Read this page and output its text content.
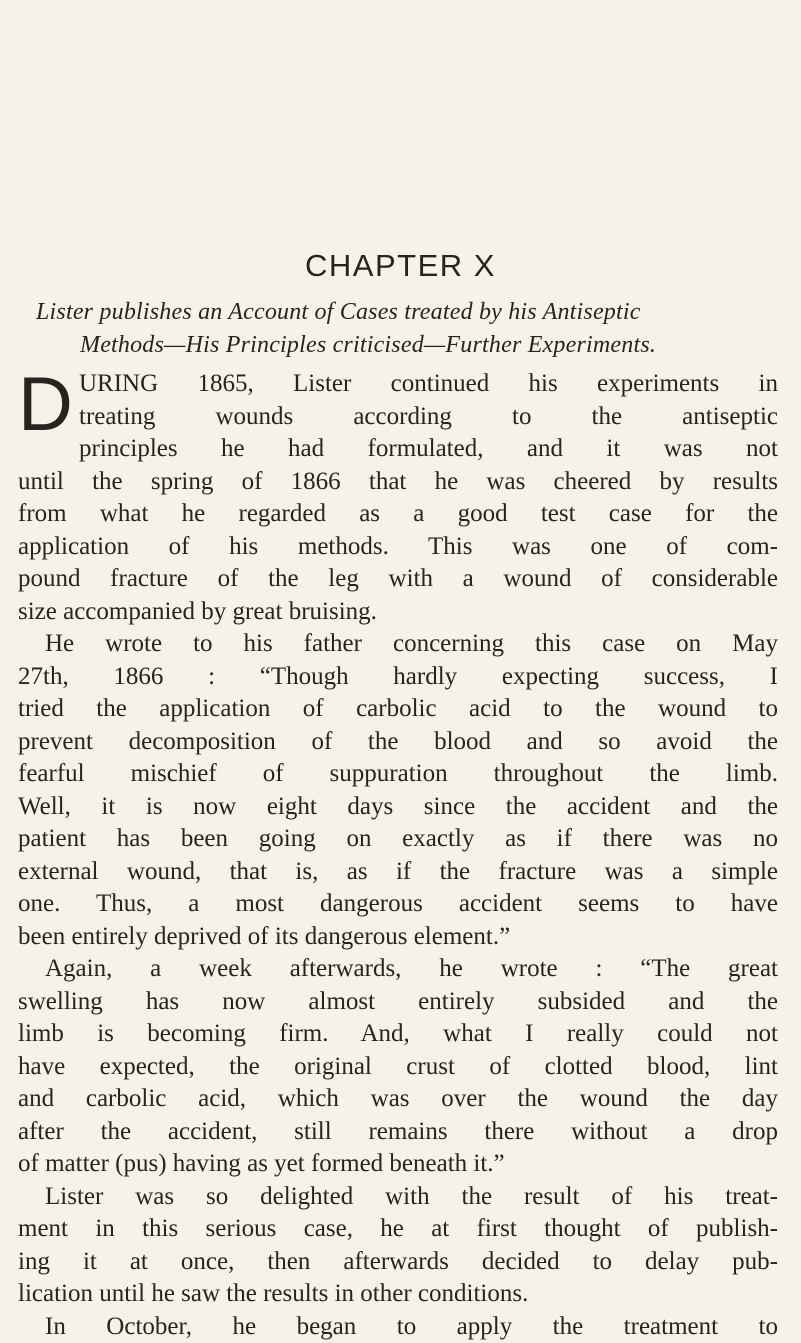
CHAPTER X
Lister publishes an Account of Cases treated by his Antiseptic
Methods—His Principles criticised—Further Experiments.
D URING 1865, Lister continued his experiments in
treating wounds according to the antiseptic
principles he had formulated, and it was not
until the spring of 1866 that he was cheered by results
from what he regarded as a good test case for the
application of his methods. This was one of com-
pound fracture of the leg with a wound of considerable
size accompanied by great bruising.
He wrote to his father concerning this case on May
27th, 1866 : “Though hardly expecting success, I
tried the application of carbolic acid to the wound to
prevent decomposition of the blood and so avoid the
fearful mischief of suppuration throughout the limb.
Well, it is now eight days since the accident and the
patient has been going on exactly as if there was no
external wound, that is, as if the fracture was a simple
one. Thus, a most dangerous accident seems to have
been entirely deprived of its dangerous element.”
Again, a week afterwards, he wrote : “The great
swelling has now almost entirely subsided and the
limb is becoming firm. And, what I really could not
have expected, the original crust of clotted blood, lint
and carbolic acid, which was over the wound the day
after the accident, still remains there without a drop
of matter (pus) having as yet formed beneath it.”
Lister was so delighted with the result of his treat-
ment in this serious case, he at first thought of publish-
ing it at once, then afterwards decided to delay pub-
lication until he saw the results in other conditions.
In October, he began to apply the treatment to
